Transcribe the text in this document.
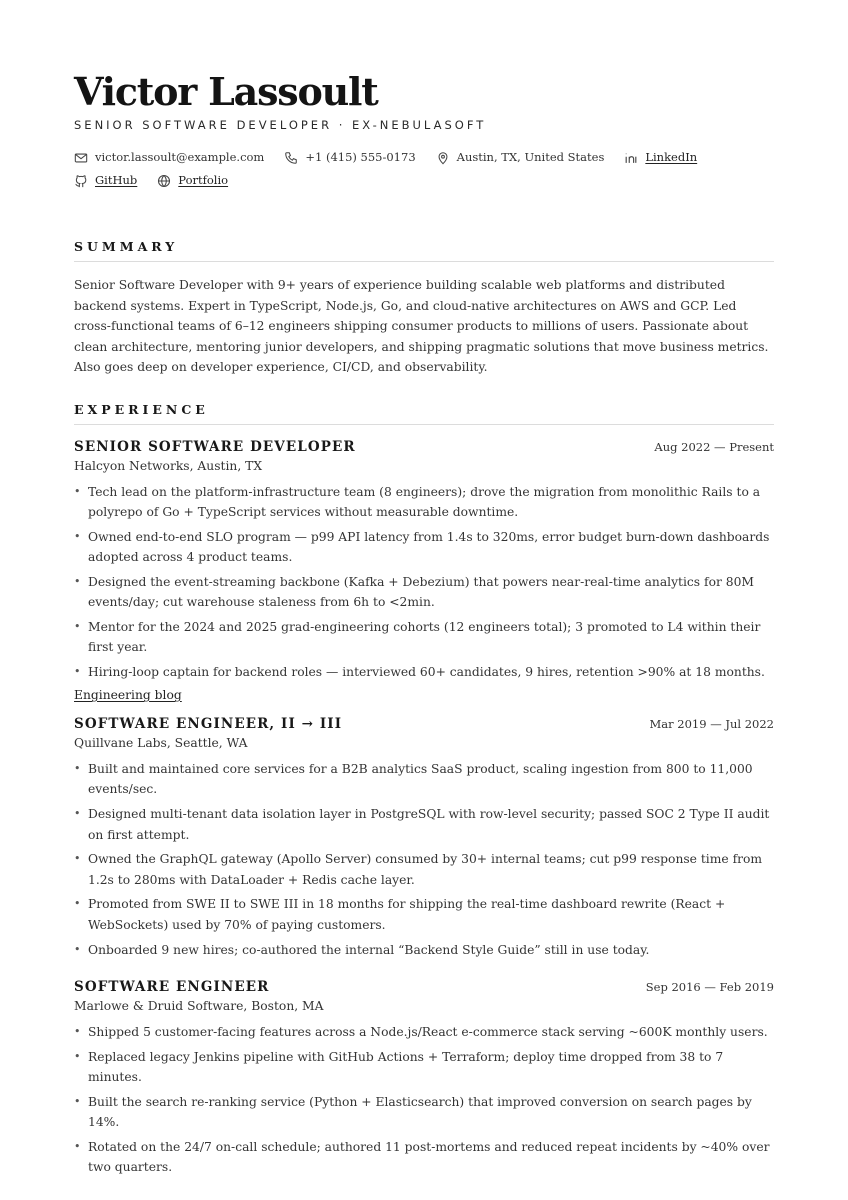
Victor Lassoult
SENIOR SOFTWARE DEVELOPER · EX-NEBULASOFT
victor.lassoult@example.com	+1 (415) 555-0173	Austin, TX, United States	LinkedIn
GitHub	Portfolio
SUMMARY

Senior Software Developer with 9+ years of experience building scalable web platforms and distributed backend systems. Expert in TypeScript, Node.js, Go, and cloud-native architectures on AWS and GCP. Led cross-functional teams of 6–12 engineers shipping consumer products to millions of users. Passionate about clean architecture, mentoring junior developers, and shipping pragmatic solutions that move business metrics. Also goes deep on developer experience, CI/CD, and observability.

EXPERIENCE
SENIOR SOFTWARE DEVELOPER	Aug 2022 — Present
Halcyon Networks, Austin, TX
• Tech lead on the platform-infrastructure team (8 engineers); drove the migration from monolithic Rails to a polyrepo of Go + TypeScript services without measurable downtime.
• Owned end-to-end SLO program — p99 API latency from 1.4s to 320ms, error budget burn-down dashboards adopted across 4 product teams.
• Designed the event-streaming backbone (Kafka + Debezium) that powers near-real-time analytics for 80M events/day; cut warehouse staleness from 6h to <2min.
• Mentor for the 2024 and 2025 grad-engineering cohorts (12 engineers total); 3 promoted to L4 within their first year.
• Hiring-loop captain for backend roles — interviewed 60+ candidates, 9 hires, retention >90% at 18 months.
Engineering blog
SOFTWARE ENGINEER, II → III	Mar 2019 — Jul 2022
Quillvane Labs, Seattle, WA
• Built and maintained core services for a B2B analytics SaaS product, scaling ingestion from 800 to 11,000 events/sec.
• Designed multi-tenant data isolation layer in PostgreSQL with row-level security; passed SOC 2 Type II audit on first attempt.
• Owned the GraphQL gateway (Apollo Server) consumed by 30+ internal teams; cut p99 response time from 1.2s to 280ms with DataLoader + Redis cache layer.
• Promoted from SWE II to SWE III in 18 months for shipping the real-time dashboard rewrite (React + WebSockets) used by 70% of paying customers.
• Onboarded 9 new hires; co-authored the internal “Backend Style Guide” still in use today.
SOFTWARE ENGINEER	Sep 2016 — Feb 2019
Marlowe & Druid Software, Boston, MA
• Shipped 5 customer-facing features across a Node.js/React e-commerce stack serving ~600K monthly users.
• Replaced legacy Jenkins pipeline with GitHub Actions + Terraform; deploy time dropped from 38 to 7 minutes.
• Built the search re-ranking service (Python + Elasticsearch) that improved conversion on search pages by 14%.
• Rotated on the 24/7 on-call schedule; authored 11 post-mortems and reduced repeat incidents by ~40% over two quarters.
